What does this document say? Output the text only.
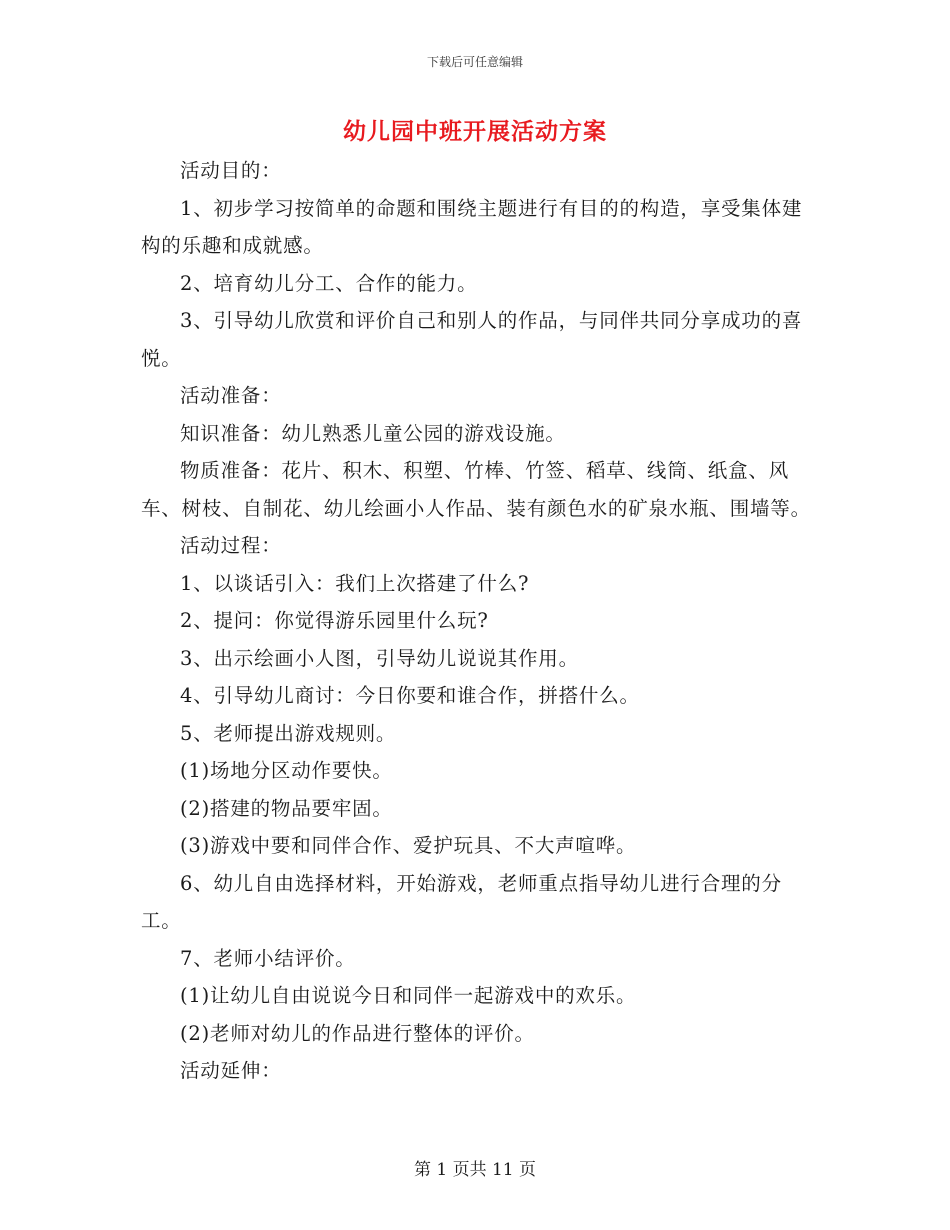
下载后可任意编辑
幼儿园中班开展活动方案

活动目的：

1、初步学习按简单的命题和围绕主题进行有目的的构造，享受集体建构的乐趣和成就感。

2、培育幼儿分工、合作的能力。

3、引导幼儿欣赏和评价自己和别人的作品，与同伴共同分享成功的喜悦。

活动准备：

知识准备：幼儿熟悉儿童公园的游戏设施。

物质准备：花片、积木、积塑、竹棒、竹签、稻草、线筒、纸盒、风车、树枝、自制花、幼儿绘画小人作品、装有颜色水的矿泉水瓶、围墙等。

活动过程：

1、以谈话引入：我们上次搭建了什么?

2、提问：你觉得游乐园里什么玩?

3、出示绘画小人图，引导幼儿说说其作用。

4、引导幼儿商讨：今日你要和谁合作，拼搭什么。

5、老师提出游戏规则。

(1)场地分区动作要快。

(2)搭建的物品要牢固。

(3)游戏中要和同伴合作、爱护玩具、不大声喧哗。

6、幼儿自由选择材料，开始游戏，老师重点指导幼儿进行合理的分工。

7、老师小结评价。

(1)让幼儿自由说说今日和同伴一起游戏中的欢乐。

(2)老师对幼儿的作品进行整体的评价。

活动延伸：

第 1 页共 11 页
